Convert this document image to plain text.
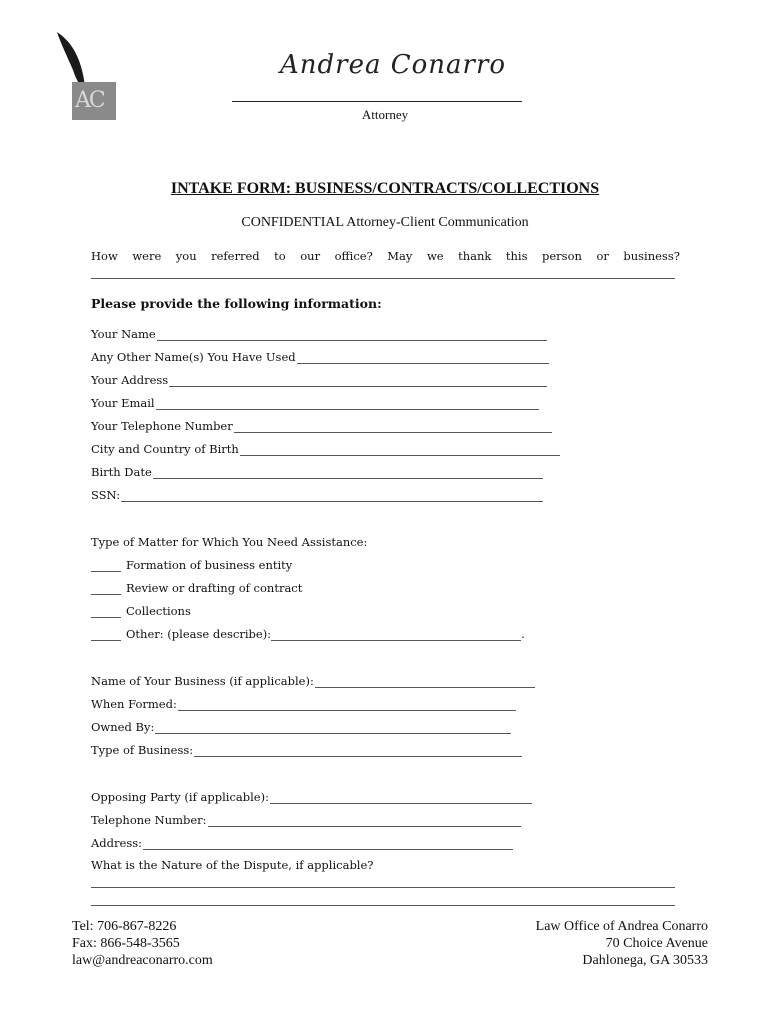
AC
Andrea Conarro
Attorney
INTAKE FORM: BUSINESS/CONTRACTS/COLLECTIONS
CONFIDENTIAL Attorney-Client Communication
How were you referred to our office? May we thank this person or business?
Please provide the following information:
Your Name
Any Other Name(s) You Have Used
Your Address
Your Email
Your Telephone Number
City and Country of Birth
Birth Date
SSN:
Type of Matter for Which You Need Assistance:
Formation of business entity
Review or drafting of contract
Collections
Other: (please describe):	.
Name of Your Business (if applicable):
When Formed:
Owned By:
Type of Business:
Opposing Party (if applicable):
Telephone Number:
Address:
What is the Nature of the Dispute, if applicable?
Tel: 706-867-8226
Fax: 866-548-3565
law@andreaconarro.com
Law Office of Andrea Conarro
70 Choice Avenue
Dahlonega, GA 30533
